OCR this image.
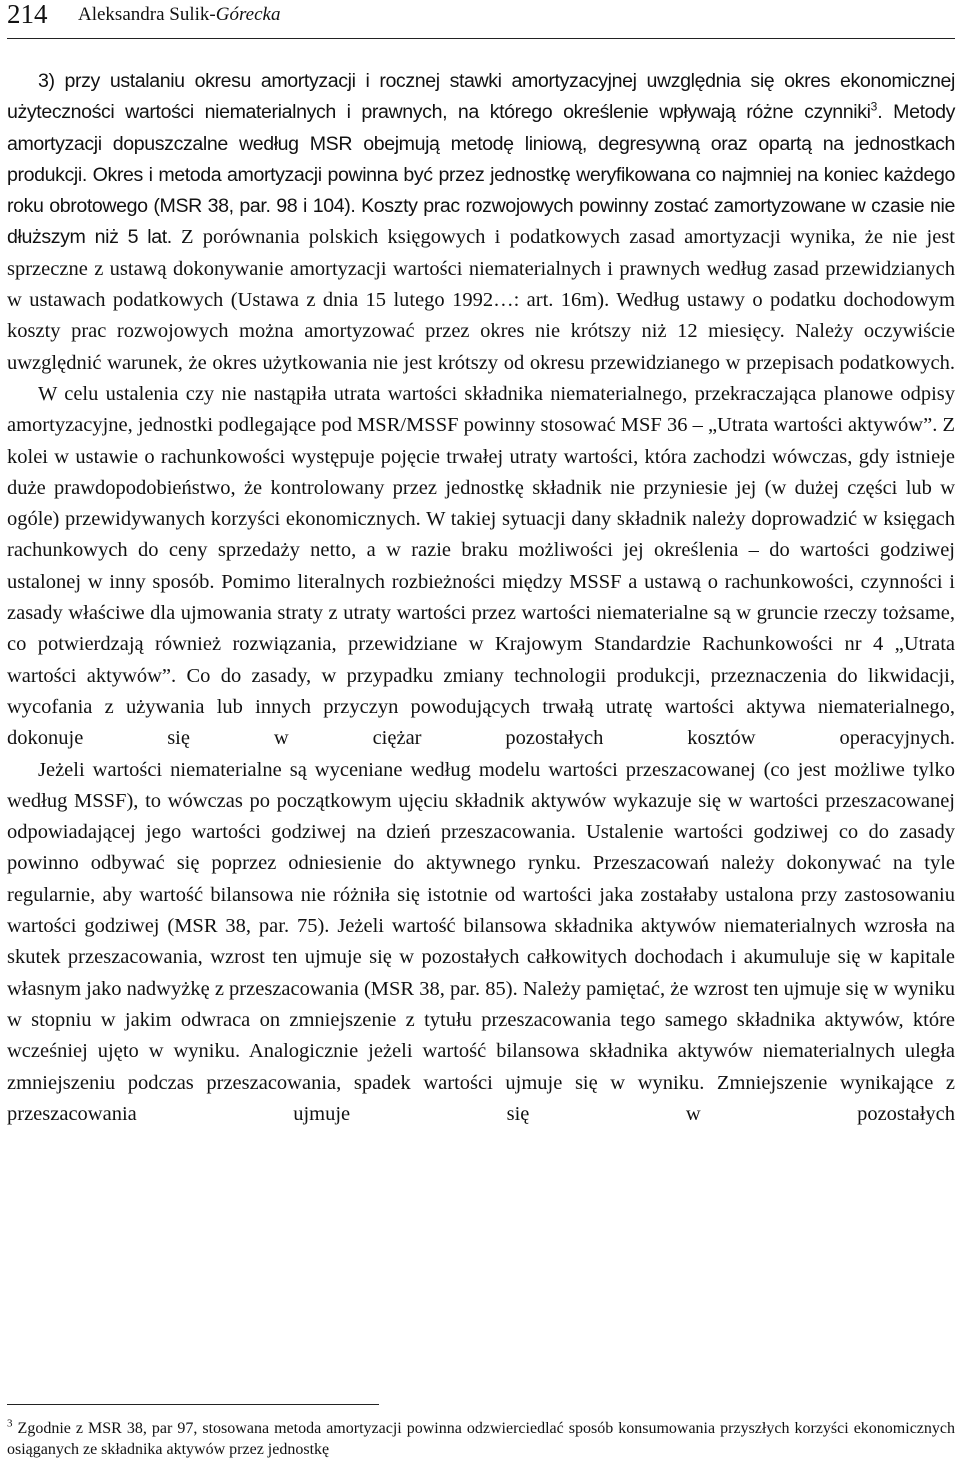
214 Aleksandra Sulik-Górecka

3) przy ustalaniu okresu amortyzacji i rocznej stawki amortyzacyjnej uwzględnia się okres ekonomicznej użyteczności wartości niematerialnych i prawnych, na którego określenie wpływają różne czynniki$^3$. Metody amortyzacji dopuszczalne według MSR obejmują metodę liniową, degresywną oraz opartą na jednostkach produkcji. Okres i metoda amortyzacji powinna być przez jednostkę weryfikowana co najmniej na koniec każdego roku obrotowego (MSR 38, par. 98 i 104). Koszty prac rozwojowych powinny zostać zamortyzowane w czasie nie dłuższym niż 5 lat. Z porównania polskich księgowych i podatkowych zasad amortyzacji wynika, że nie jest sprzeczne z ustawą dokonywanie amortyzacji wartości niematerialnych i prawnych według zasad przewidzianych w ustawach podatkowych (Ustawa z dnia 15 lutego 1992…: art. 16m). Według ustawy o podatku dochodowym koszty prac rozwojowych można amortyzować przez okres nie krótszy niż 12 miesięcy. Należy oczywiście uwzględnić warunek, że okres użytkowania nie jest krótszy od okresu przewidzianego w przepisach podatkowych.

W celu ustalenia czy nie nastąpiła utrata wartości składnika niematerialnego, przekraczająca planowe odpisy amortyzacyjne, jednostki podlegające pod MSR/MSSF powinny stosować MSF 36 – „Utrata wartości aktywów”. Z kolei w ustawie o rachunkowości występuje pojęcie trwałej utraty wartości, która zachodzi wówczas, gdy istnieje duże prawdopodobieństwo, że kontrolowany przez jednostkę składnik nie przyniesie jej (w dużej części lub w ogóle) przewidywanych korzyści ekonomicznych. W takiej sytuacji dany składnik należy doprowadzić w księgach rachunkowych do ceny sprzedaży netto, a w razie braku możliwości jej określenia – do wartości godziwej ustalonej w inny sposób. Pomimo literalnych rozbieżności między MSSF a ustawą o rachunkowości, czynności i zasady właściwe dla ujmowania straty z utraty wartości przez wartości niematerialne są w gruncie rzeczy tożsame, co potwierdzają również rozwiązania, przewidziane w Krajowym Standardzie Rachunkowości nr 4 „Utrata wartości aktywów”. Co do zasady, w przypadku zmiany technologii produkcji, przeznaczenia do likwidacji, wycofania z używania lub innych przyczyn powodujących trwałą utratę wartości aktywa niematerialnego, dokonuje się w ciężar pozostałych kosztów operacyjnych.

Jeżeli wartości niematerialne są wyceniane według modelu wartości przeszacowanej (co jest możliwe tylko według MSSF), to wówczas po początkowym ujęciu składnik aktywów wykazuje się w wartości przeszacowanej odpowiadającej jego wartości godziwej na dzień przeszacowania. Ustalenie wartości godziwej co do zasady powinno odbywać się poprzez odniesienie do aktywnego rynku. Przeszacowań należy dokonywać na tyle regularnie, aby wartość bilansowa nie różniła się istotnie od wartości jaka zostałaby ustalona przy zastosowaniu wartości godziwej (MSR 38, par. 75). Jeżeli wartość bilansowa składnika aktywów niematerialnych wzrosła na skutek przeszacowania, wzrost ten ujmuje się w pozostałych całkowitych dochodach i akumuluje się w kapitale własnym jako nadwyżkę z przeszacowania (MSR 38, par. 85). Należy pamiętać, że wzrost ten ujmuje się w wyniku w stopniu w jakim odwraca on zmniejszenie z tytułu przeszacowania tego samego składnika aktywów, które wcześniej ujęto w wyniku. Analogicznie jeżeli wartość bilansowa składnika aktywów niematerialnych uległa zmniejszeniu podczas przeszacowania, spadek wartości ujmuje się w wyniku. Zmniejszenie wynikające z przeszacowania ujmuje się w pozostałych

$^3$ Zgodnie z MSR 38, par 97, stosowana metoda amortyzacji powinna odzwierciedlać sposób konsumowania przyszłych korzyści ekonomicznych osiąganych ze składnika aktywów przez jednostkę
